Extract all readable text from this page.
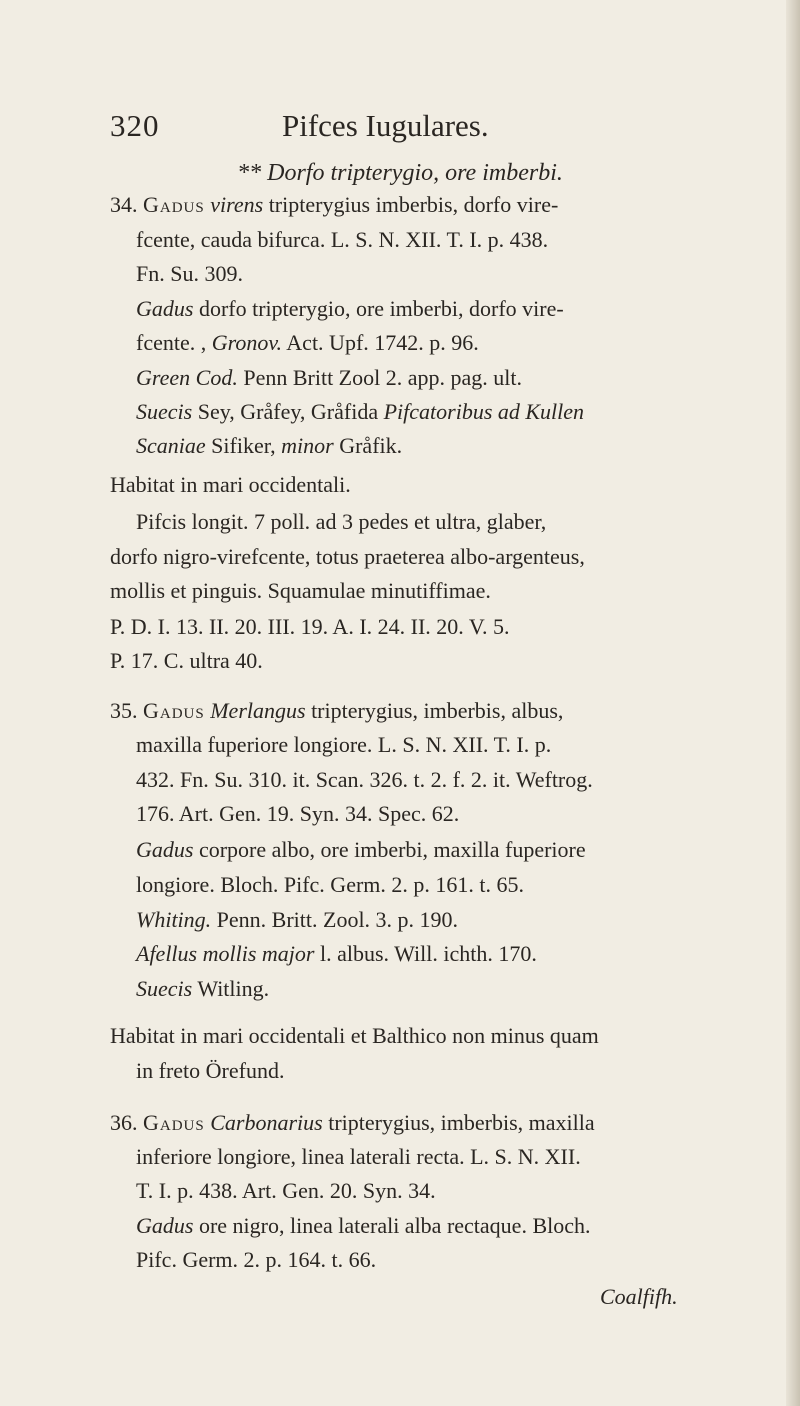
320	Pifces Iugulares.
** Dorfo tripterygio, ore imberbi.
34. Gadus virens tripterygius imberbis, dorfo vire-
fcente, cauda bifurca. L. S. N. XII. T. I. p. 438.
Fn. Su. 309.
Gadus dorfo tripterygio, ore imberbi, dorfo vire-
fcente. , Gronov. Act. Upf. 1742. p. 96.
Green Cod. Penn Britt Zool 2. app. pag. ult.
Suecis Sey, Gråfey, Gråfida Pifcatoribus ad Kullen
Scaniae Sifiker, minor Gråfik.
Habitat in mari occidentali.
Pifcis longit. 7 poll. ad 3 pedes et ultra, glaber,
dorfo nigro-virefcente, totus praeterea albo-argenteus,
mollis et pinguis. Squamulae minutiffimae.
P. D. I. 13. II. 20. III. 19. A. I. 24. II. 20. V. 5.
P. 17. C. ultra 40.
35. Gadus Merlangus tripterygius, imberbis, albus,
maxilla fuperiore longiore. L. S. N. XII. T. I. p.
432. Fn. Su. 310. it. Scan. 326. t. 2. f. 2. it. Weftrog.
176. Art. Gen. 19. Syn. 34. Spec. 62.
Gadus corpore albo, ore imberbi, maxilla fuperiore
longiore. Bloch. Pifc. Germ. 2. p. 161. t. 65.
Whiting. Penn. Britt. Zool. 3. p. 190.
Afellus mollis major l. albus. Will. ichth. 170.
Suecis Witling.
Habitat in mari occidentali et Balthico non minus quam
in freto Örefund.
36. Gadus Carbonarius tripterygius, imberbis, maxilla
inferiore longiore, linea laterali recta. L. S. N. XII.
T. I. p. 438. Art. Gen. 20. Syn. 34.
Gadus ore nigro, linea laterali alba rectaque. Bloch.
Pifc. Germ. 2. p. 164. t. 66.
Coalfifh.
